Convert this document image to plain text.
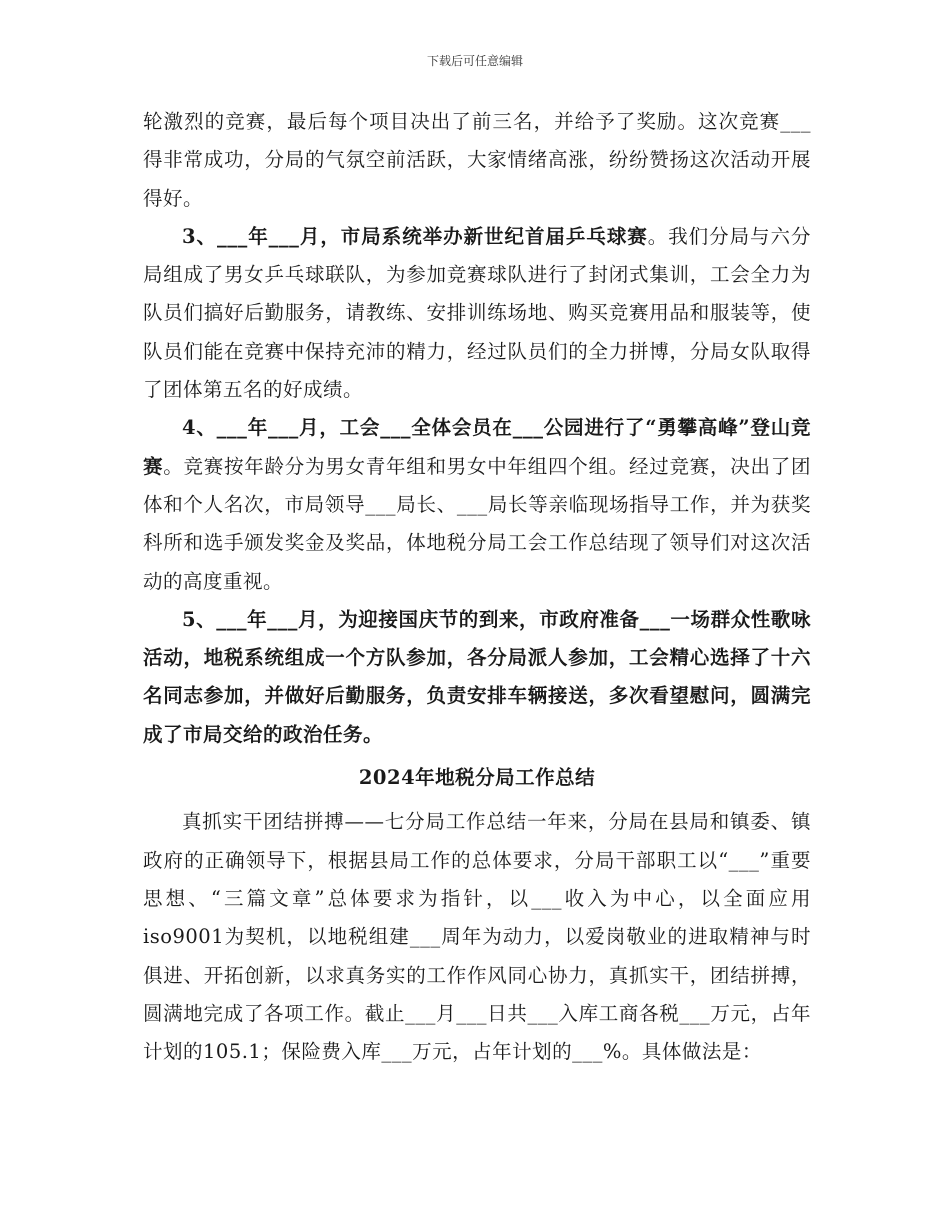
下载后可任意编辑

轮激烈的竞赛，最后每个项目决出了前三名，并给予了奖励。这次竞赛___得非常成功，分局的气氛空前活跃，大家情绪高涨，纷纷赞扬这次活动开展得好。

3、___年___月，市局系统举办新世纪首届乒乓球赛。我们分局与六分局组成了男女乒乓球联队，为参加竞赛球队进行了封闭式集训，工会全力为队员们搞好后勤服务，请教练、安排训练场地、购买竞赛用品和服装等，使队员们能在竞赛中保持充沛的精力，经过队员们的全力拼博，分局女队取得了团体第五名的好成绩。

4、___年___月，工会___全体会员在___公园进行了“勇攀高峰”登山竞赛。竞赛按年龄分为男女青年组和男女中年组四个组。经过竞赛，决出了团体和个人名次，市局领导___局长、___局长等亲临现场指导工作，并为获奖科所和选手颁发奖金及奖品，体地税分局工会工作总结现了领导们对这次活动的高度重视。

5、___年___月，为迎接国庆节的到来，市政府准备___一场群众性歌咏活动，地税系统组成一个方队参加，各分局派人参加，工会精心选择了十六名同志参加，并做好后勤服务，负责安排车辆接送，多次看望慰问，圆满完成了市局交给的政治任务。

2024年地税分局工作总结

真抓实干团结拼搏——七分局工作总结一年来，分局在县局和镇委、镇政府的正确领导下，根据县局工作的总体要求，分局干部职工以“___”重要思想、“三篇文章”总体要求为指针，以___收入为中心，以全面应用iso9001为契机，以地税组建___周年为动力，以爱岗敬业的进取精神与时俱进、开拓创新，以求真务实的工作作风同心协力，真抓实干，团结拼搏，圆满地完成了各项工作。截止___月___日共___入库工商各税___万元，占年计划的105.1；保险费入库___万元，占年计划的___%。具体做法是：
